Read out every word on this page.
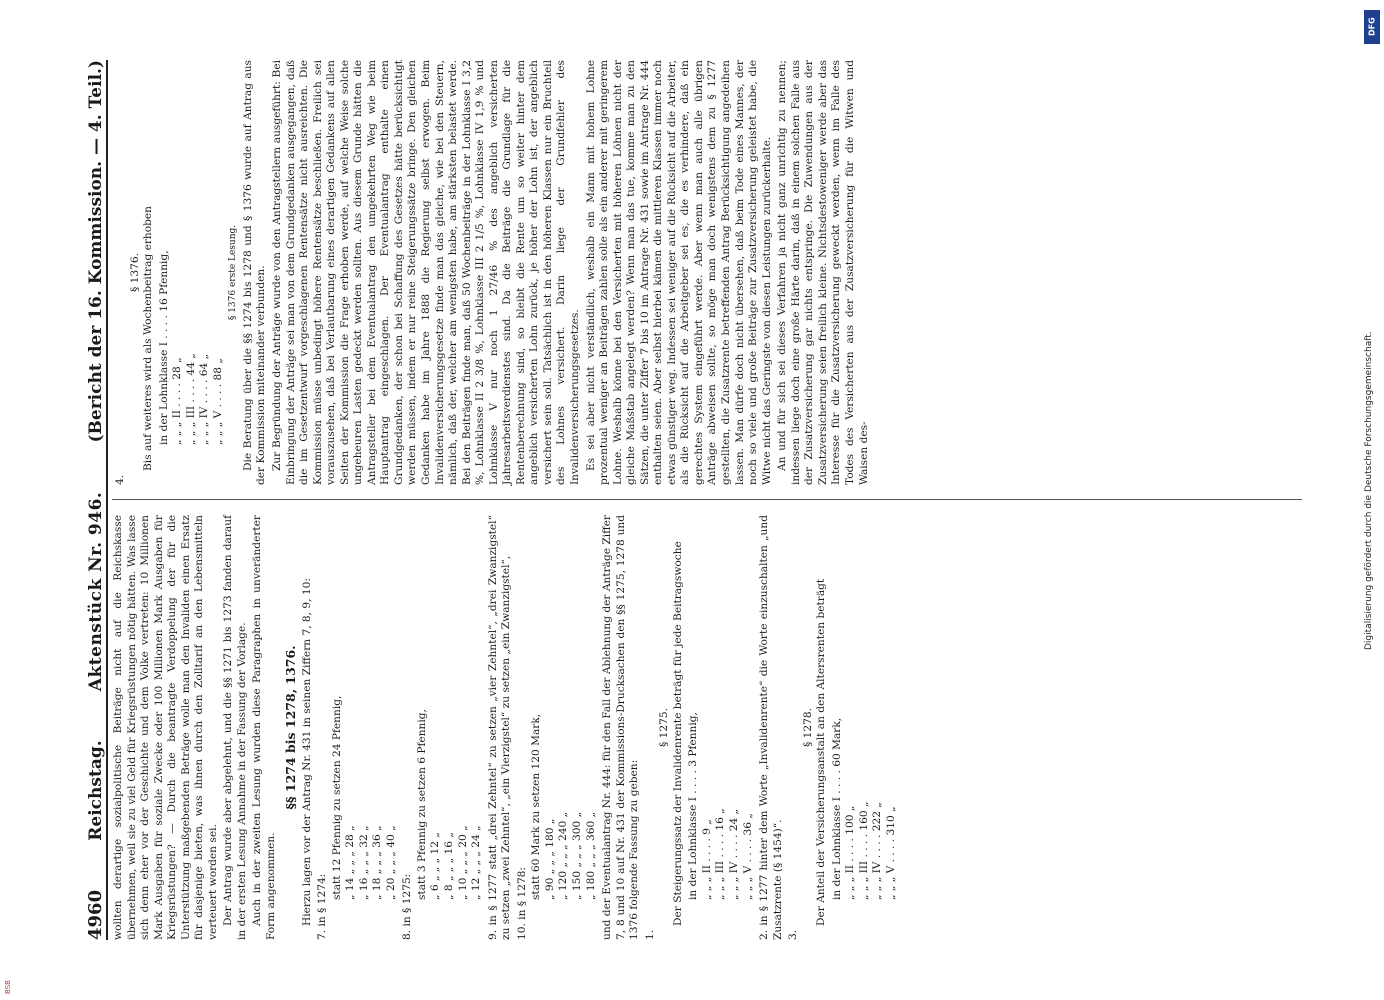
4960
Reichstag.
Aktenstück Nr. 946.
(Bericht der 16. Kommission. — 4. Teil.)

wollten derartige sozialpolitische Beiträge nicht auf die Reichskasse übernehmen, weil sie zu viel Geld für Kriegsrüstungen nötig hätten. Was lasse sich denn eher vor der Geschichte und dem Volke vertreten: 10 Millionen Mark Ausgaben für soziale Zwecke oder 100 Millionen Mark Ausgaben für Kriegsrüstungen? — Durch die beantragte Verdoppelung der für die Unterstützung maßgebenden Beträge wolle man den Invaliden einen Ersatz für dasjenige bieten, was ihnen durch den Zolltarif an den Lebensmitteln verteuert worden sei. Der Antrag wurde aber abgelehnt, und die §§ 1271 bis 1273 fanden darauf in der ersten Lesung Annahme in der Fassung der Vorlage. Auch in der zweiten Lesung wurden diese Paragraphen in unveränderter Form angenommen.

§§ 1274 bis 1278, 1376. Hierzu lagen vor der Antrag Nr. 431 in seinen Ziffern 7, 8, 9, 10: 7. in § 1274:
statt 12 Pfennig zu setzen 24 Pfennig,
„ 14 „ „ „ 28 „
„ 16 „ „ „ 32 „
„ 18 „ „ „ 36 „
„ 20 „ „ „ 40 „
8. in § 1275:
statt 3 Pfennig zu setzen 6 Pfennig,
„ 6 „ „ „ 12 „
„ 8 „ „ „ 16 „
„ 10 „ „ „ 20 „
„ 12 „ „ „ 24 „ 9. in § 1277 statt „drei Zehntel“ zu setzen „vier Zehntel“, „drei Zwanzigstel“ zu setzen „zwei Zehntel“, „ein Vierzigstel“ zu setzen „ein Zwanzigstel“, 10. in § 1278:
statt 60 Mark zu setzen 120 Mark,
„ 90 „ „ „ 180 „
„ 120 „ „ „ 240 „
„ 150 „ „ „ 300 „
„ 180 „ „ „ 360 „ und der Eventualantrag Nr. 444: für den Fall der Ablehnung der Anträge Ziffer 7, 8 und 10 auf Nr. 431 der Kommissions-Drucksachen den §§ 1275, 1278 und 1376 folgende Fassung zu geben: 1.
§ 1275. Der Steigerungssatz der Invalidenrente beträgt für jede Beitragswoche in der Lohnklasse I . . . . 3 Pfennig,
„ „ „ II . . . . 9 „
„ „ „ III . . . . 16 „
„ „ „ IV . . . . 24 „
„ „ „ V . . . . 36 „ 2. in § 1277 hinter dem Worte „Invalidenrente“ die Worte einzuschalten „und Zusatzrente (§ 1454)“. 3.
§ 1278. Der Anteil der Versicherungsanstalt an den Altersrenten beträgt in der Lohnklasse I . . . . 60 Mark,
„ „ „ II . . . . 100 „
„ „ „ III . . . . 160 „
„ „ „ IV . . . . 222 „
„ „ „ V . . . . 310 „
4.
§ 1376. Bis auf weiteres wird als Wochenbeitrag erhoben in der Lohnklasse I . . . . 16 Pfennig,
„ „ „ II . . . . 28 „
„ „ „ III . . . . 44 „
„ „ „ IV . . . . 64 „
„ „ „ V . . . . 88 „
§ 1376 erste Lesung. Die Beratung über die §§ 1274 bis 1278 und § 1376 wurde auf Antrag aus der Kommission miteinander verbunden. Zur Begründung der Anträge wurde von den Antragstellern ausgeführt: Bei Einbringung der Anträge sei man von dem Grundgedanken ausgegangen, daß die im Gesetzentwurf vorgeschlagenen Rentensätze nicht ausreichten. Die Kommission müsse unbedingt höhere Rentensätze beschließen. Freilich sei vorauszusehen, daß bei Verlautbarung eines derartigen Gedankens auf allen Seiten der Kommission die Frage erhoben werde, auf welche Weise solche ungeheuren Lasten gedeckt werden sollten. Aus diesem Grunde hätten die Antragsteller bei dem Eventualantrag den umgekehrten Weg wie beim Hauptantrag eingeschlagen. Der Eventualantrag enthalte einen Grundgedanken, der schon bei Schaffung des Gesetzes hätte berücksichtigt werden müssen, indem er nur reine Steigerungssätze bringe. Den gleichen Gedanken habe im Jahre 1888 die Regierung selbst erwogen. Beim Invalidenversicherungsgesetze finde man das gleiche, wie bei den Steuern, nämlich, daß der, welcher am wenigsten habe, am stärksten belastet werde. Bei den Beiträgen finde man, daß 50 Wochenbeiträge in der Lohnklasse I 3,2 %, Lohnklasse II 2 3/8 %, Lohnklasse III 2 1/5 %, Lohnklasse IV 1,9 % und Lohnklasse V nur noch 1 27/46 % des angeblich versicherten Jahresarbeitsverdienstes sind. Da die Beiträge die Grundlage für die Rentenberechnung sind, so bleibt die Rente um so weiter hinter dem angeblich versicherten Lohn zurück, je höher der Lohn ist, der angeblich versichert sein soll. Tatsächlich ist in den höheren Klassen nur ein Bruchteil des Lohnes versichert. Darin liege der Grundfehler des Invalidenversicherungsgesetzes. Es sei aber nicht verständlich, weshalb ein Mann mit hohem Lohne prozentual weniger an Beiträgen zahlen solle als ein anderer mit geringerem Lohne. Weshalb könne bei den Versicherten mit höheren Löhnen nicht der gleiche Maßstab angelegt werden? Wenn man das tue, komme man zu den Sätzen, die unter Ziffer 7 bis 10 im Antrage Nr. 431 sowie im Antrage Nr. 444 enthalten seien. Aber selbst hierbei kämen die mittleren Klassen immer noch etwas günstiger weg. Indessen sei weniger auf die Rücksicht auf die Arbeiter, als die Rücksicht auf die Arbeitgeber sei es, die es verhindere, daß ein gerechtes System eingeführt werde. Aber wenn man auch alle übrigen Anträge abweisen sollte, so möge man doch wenigstens dem zu § 1277 gestellten, die Zusatzrente betreffenden Antrag Berücksichtigung angedeihen lassen. Man dürfe doch nicht übersehen, daß beim Tode eines Mannes, der noch so viele und große Beiträge zur Zusatzversicherung geleistet habe, die Witwe nicht das Geringste von diesen Leistungen zurückerhalte. An und für sich sei dieses Verfahren ja nicht ganz unrichtig zu nennen; indessen liege doch eine große Härte darin, daß in einem solchen Falle aus der Zusatzversicherung gar nichts entspringe. Die Zuwendungen aus der Zusatzversicherung seien freilich kleine. Nichtsdestoweniger werde aber das Interesse für die Zusatzversicherung geweckt werden, wenn im Falle des Todes des Versicherten aus der Zusatzversicherung für die Witwen und Waisen des-

DFG
Digitalisierung gefördert durch die Deutsche Forschungsgemeinschaft.
BSB
